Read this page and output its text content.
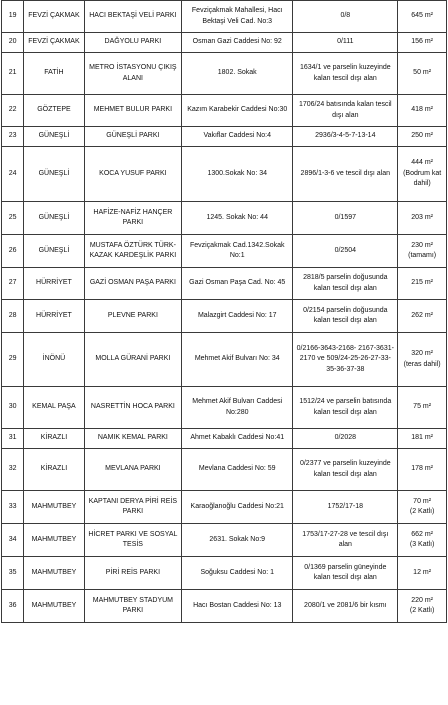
19	FEVZİ ÇAKMAK	HACI BEKTAŞİ VELİ PARKI	Fevziçakmak Mahallesi, Hacı Bektaşi Veli Cad. No:3	0/8	645 m²

20	FEVZİ ÇAKMAK	DAĞYOLU PARKI	Osman Gazi Caddesi No: 92	0/111	156 m²

21	FATİH	METRO İSTASYONU ÇIKIŞ ALANI	1802. Sokak	1634/1 ve parselin kuzeyinde kalan tescil dışı alan	50 m²

22	GÖZTEPE	MEHMET BULUR PARKI	Kazım Karabekir Caddesi No:30	1706/24 batısında kalan tescil dışı alan	418 m²

23	GÜNEŞLİ	GÜNEŞLİ PARKI	Vakıflar Caddesi No:4	2936/3-4-5-7-13-14	250 m²

24	GÜNEŞLİ	KOCA YUSUF PARKI	1300.Sokak No: 34	2896/1-3-6 ve tescil dışı alan	444 m²
(Bodrum kat dahil)

25	GÜNEŞLİ	HAFİZE-NAFİZ HANÇER PARKI	1245. Sokak No: 44	0/1597	203 m²

26	GÜNEŞLİ	MUSTAFA ÖZTÜRK TÜRK-KAZAK KARDEŞLİK PARKI	Fevziçakmak Cad.1342.Sokak No:1	0/2504	230 m²
(tamamı)

27	HÜRRİYET	GAZİ OSMAN PAŞA PARKI	Gazi Osman Paşa Cad. No: 45	2818/5 parselin doğusunda kalan tescil dışı alan	215 m²

28	HÜRRİYET	PLEVNE PARKI	Malazgirt Caddesi No: 17	0/2154 parselin doğusunda kalan tescil dışı alan	262 m²

29	İNÖNÜ	MOLLA GÜRANİ PARKI	Mehmet Akif Bulvarı No: 34	0/2166-3643-2168- 2167-3631-2170 ve 509/24-25-26-27-33- 35-36-37-38	320 m²
(teras dahil)

30	KEMAL PAŞA	NASRETTİN HOCA PARKI	Mehmet Akif Bulvarı Caddesi No:280	1512/24 ve parselin batısında kalan tescil dışı alan	75 m²

31	KİRAZLI	NAMIK KEMAL PARKI	Ahmet Kabaklı Caddesi No:41	0/2028	181 m²

32	KİRAZLI	MEVLANA PARKI	Mevlana Caddesi No: 59	0/2377 ve parselin kuzeyinde kalan tescil dışı alan	178 m²

33	MAHMUTBEY	KAPTANI DERYA PİRİ REİS PARKI	Karaoğlanoğlu Caddesi No:21	1752/17-18	70 m²
(2 Katlı)

34	MAHMUTBEY	HİCRET PARKI VE SOSYAL TESİS	2631. Sokak No:9	1753/17-27-28 ve tescil dışı alan	662 m²
(3 Katlı)

35	MAHMUTBEY	PİRİ REİS PARKI	Soğuksu Caddesi No: 1	0/1369 parselin güneyinde kalan tescil dışı alan	12 m²

36	MAHMUTBEY	MAHMUTBEY STADYUM PARKI	Hacı Bostan Caddesi No: 13	2080/1 ve 2081/6 bir kısmı	220 m²
(2 Katlı)
